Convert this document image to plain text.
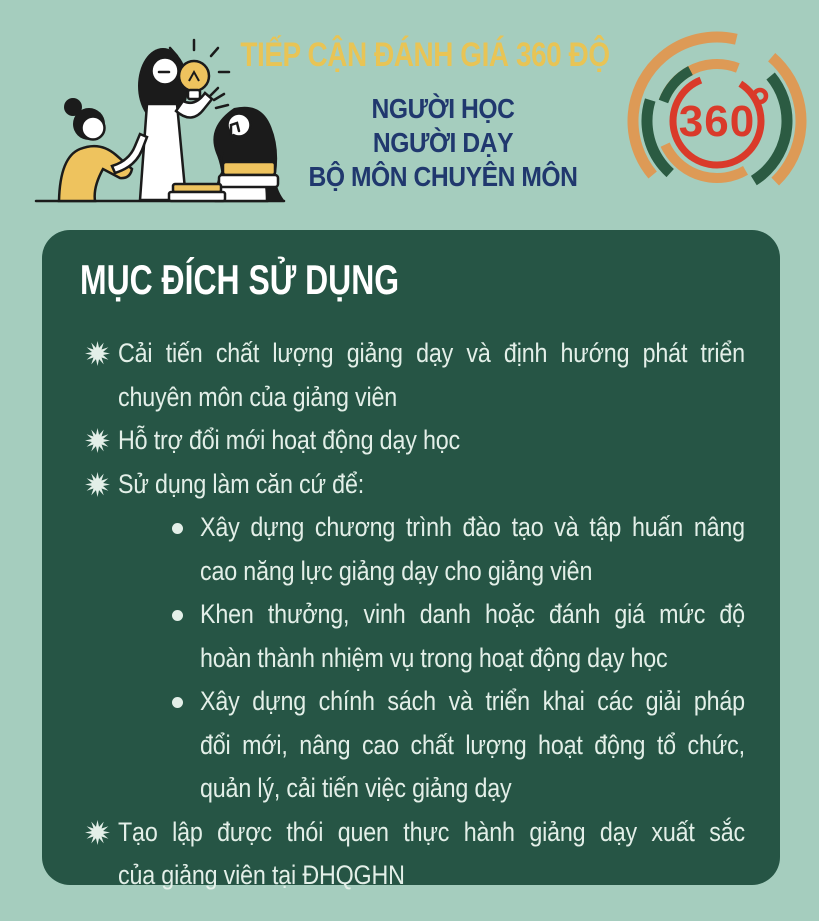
TIẾP CẬN ĐÁNH GIÁ 360 ĐỘ
NGƯỜI HỌC
NGƯỜI DẠY
BỘ MÔN CHUYÊN MÔN
360
MỤC ĐÍCH SỬ DỤNG
Cải tiến chất lượng giảng dạy và định hướng phát triển
chuyên môn của giảng viên
Hỗ trợ đổi mới hoạt động dạy học
Sử dụng làm căn cứ để:
Xây dựng chương trình đào tạo và tập huấn nâng
cao năng lực giảng dạy cho giảng viên
Khen thưởng, vinh danh hoặc đánh giá mức độ
hoàn thành nhiệm vụ trong hoạt động dạy học
Xây dựng chính sách và triển khai các giải pháp
đổi mới, nâng cao chất lượng hoạt động tổ chức,
quản lý, cải tiến việc giảng dạy
Tạo lập được thói quen thực hành giảng dạy xuất sắc
của giảng viên tại ĐHQGHN
